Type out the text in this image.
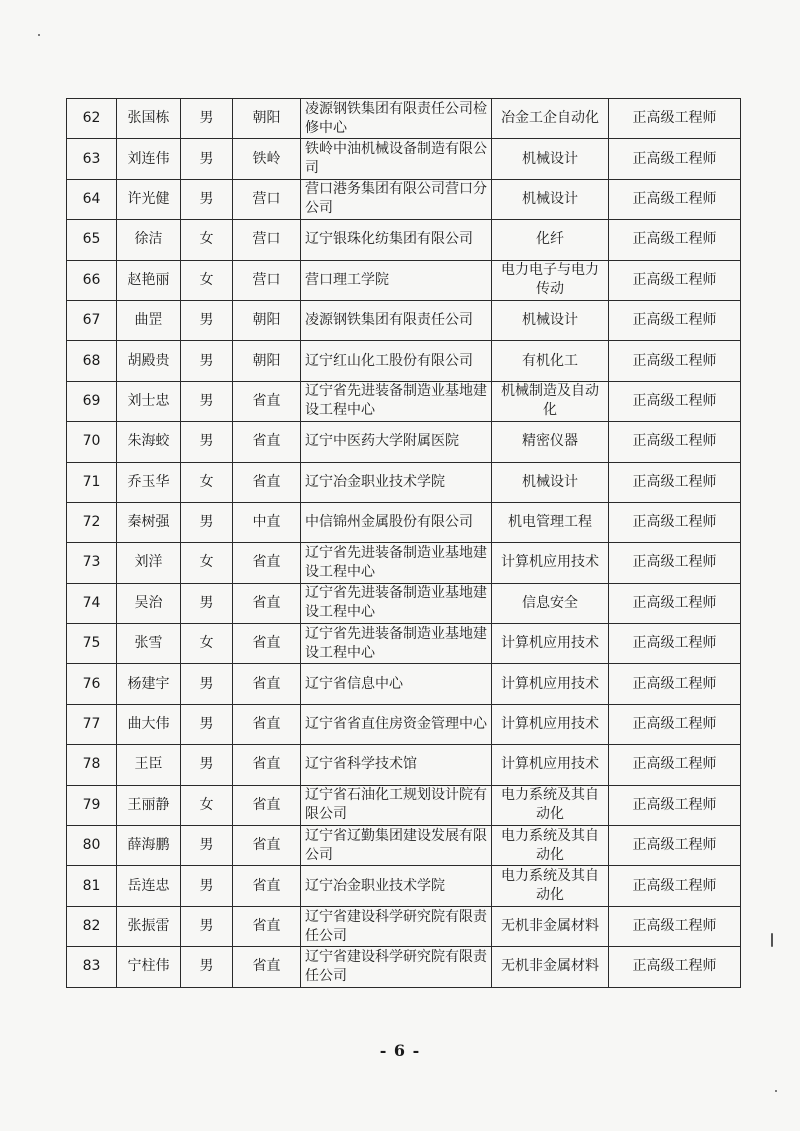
62	张国栋	男	朝阳	凌源钢铁集团有限责任公司检修中心	冶金工企自动化	正高级工程师
63	刘连伟	男	铁岭	铁岭中油机械设备制造有限公司	机械设计	正高级工程师
64	许光健	男	营口	营口港务集团有限公司营口分公司	机械设计	正高级工程师
65	徐洁	女	营口	辽宁银珠化纺集团有限公司	化纤	正高级工程师
66	赵艳丽	女	营口	营口理工学院	电力电子与电力传动	正高级工程师
67	曲罡	男	朝阳	凌源钢铁集团有限责任公司	机械设计	正高级工程师
68	胡殿贵	男	朝阳	辽宁红山化工股份有限公司	有机化工	正高级工程师
69	刘士忠	男	省直	辽宁省先进装备制造业基地建设工程中心	机械制造及自动化	正高级工程师
70	朱海蛟	男	省直	辽宁中医药大学附属医院	精密仪器	正高级工程师
71	乔玉华	女	省直	辽宁冶金职业技术学院	机械设计	正高级工程师
72	秦树强	男	中直	中信锦州金属股份有限公司	机电管理工程	正高级工程师
73	刘洋	女	省直	辽宁省先进装备制造业基地建设工程中心	计算机应用技术	正高级工程师
74	吴治	男	省直	辽宁省先进装备制造业基地建设工程中心	信息安全	正高级工程师
75	张雪	女	省直	辽宁省先进装备制造业基地建设工程中心	计算机应用技术	正高级工程师
76	杨建宇	男	省直	辽宁省信息中心	计算机应用技术	正高级工程师
77	曲大伟	男	省直	辽宁省省直住房资金管理中心	计算机应用技术	正高级工程师
78	王臣	男	省直	辽宁省科学技术馆	计算机应用技术	正高级工程师
79	王丽静	女	省直	辽宁省石油化工规划设计院有限公司	电力系统及其自动化	正高级工程师
80	薛海鹏	男	省直	辽宁省辽勤集团建设发展有限公司	电力系统及其自动化	正高级工程师
81	岳连忠	男	省直	辽宁冶金职业技术学院	电力系统及其自动化	正高级工程师
82	张振雷	男	省直	辽宁省建设科学研究院有限责任公司	无机非金属材料	正高级工程师
83	宁柱伟	男	省直	辽宁省建设科学研究院有限责任公司	无机非金属材料	正高级工程师
- 6 -
